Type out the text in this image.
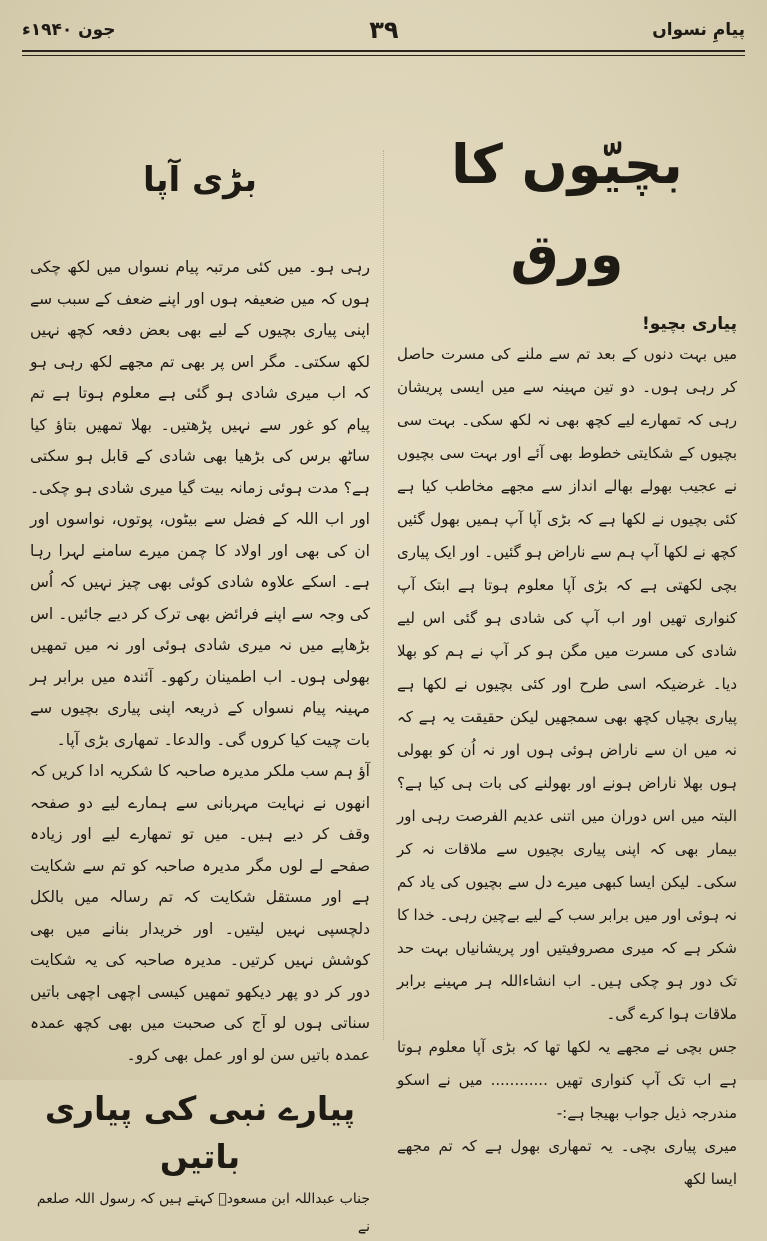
پیامِ نسواں
۳۹
جون ۱۹۴۰ء
بچیّوں کا ورق

پیاری بچیو!

میں بہت دنوں کے بعد تم سے ملنے کی مسرت حاصل کر رہی ہوں۔ دو تین مہینہ سے میں ایسی پریشان رہی کہ تمھارے لیے کچھ بھی نہ لکھ سکی۔ بہت سی بچیوں کے شکایتی خطوط بھی آئے اور بہت سی بچیوں نے عجیب بھولے بھالے انداز سے مجھے مخاطب کیا ہے کئی بچیوں نے لکھا ہے کہ بڑی آپا آپ ہمیں بھول گئیں کچھ نے لکھا آپ ہم سے ناراض ہو گئیں۔ اور ایک پیاری بچی لکھتی ہے کہ بڑی آپا معلوم ہوتا ہے ابتک آپ کنواری تھیں اور اب آپ کی شادی ہو گئی اس لیے شادی کی مسرت میں مگن ہو کر آپ نے ہم کو بھلا دیا۔ غرضیکہ اسی طرح اور کئی بچیوں نے لکھا ہے پیاری بچیاں کچھ بھی سمجھیں لیکن حقیقت یہ ہے کہ نہ میں ان سے ناراض ہوئی ہوں اور نہ اُن کو بھولی ہوں بھلا ناراض ہونے اور بھولنے کی بات ہی کیا ہے؟ البتہ میں اس دوران میں اتنی عدیم الفرصت رہی اور بیمار بھی کہ اپنی پیاری بچیوں سے ملاقات نہ کر سکی۔ لیکن ایسا کبھی میرے دل سے بچیوں کی یاد کم نہ ہوئی اور میں برابر سب کے لیے بےچین رہی۔ خدا کا شکر ہے کہ میری مصروفیتیں اور پریشانیاں بہت حد تک دور ہو چکی ہیں۔ اب انشاءاللہ ہر مہینے برابر ملاقات ہوا کرے گی۔

جس بچی نے مجھے یہ لکھا تھا کہ بڑی آپا معلوم ہوتا ہے اب تک آپ کنواری تھیں ............ میں نے اسکو مندرجہ ذیل جواب بھیجا ہے:-

میری پیاری بچی۔ یہ تمھاری بھول ہے کہ تم مجھے ایسا لکھ

بڑی آپا

رہی ہو۔ میں کئی مرتبہ پیام نسواں میں لکھ چکی ہوں کہ میں ضعیفہ ہوں اور اپنے ضعف کے سبب سے اپنی پیاری بچیوں کے لیے بھی بعض دفعہ کچھ نہیں لکھ سکتی۔ مگر اس پر بھی تم مجھے لکھ رہی ہو کہ اب میری شادی ہو گئی ہے معلوم ہوتا ہے تم پیام کو غور سے نہیں پڑھتیں۔ بھلا تمھیں بتاؤ کیا ساٹھ برس کی بڑھیا بھی شادی کے قابل ہو سکتی ہے؟ مدت ہوئی زمانہ بیت گیا میری شادی ہو چکی۔ اور اب اللہ کے فضل سے بیٹوں، پوتوں، نواسوں اور ان کی بھی اور اولاد کا چمن میرے سامنے لہرا رہا ہے۔ اسکے علاوہ شادی کوئی بھی چیز نہیں کہ اُس کی وجہ سے اپنے فرائض بھی ترک کر دیے جائیں۔ اس بڑھاپے میں نہ میری شادی ہوئی اور نہ میں تمھیں بھولی ہوں۔ اب اطمینان رکھو۔ آئندہ میں برابر ہر مہینہ پیام نسواں کے ذریعہ اپنی پیاری بچیوں سے بات چیت کیا کروں گی۔ والدعا۔ تمھاری بڑی آپا۔

آؤ ہم سب ملکر مدیرہ صاحبہ کا شکریہ ادا کریں کہ انھوں نے نہایت مہربانی سے ہمارے لیے دو صفحہ وقف کر دیے ہیں۔ میں تو تمھارے لیے اور زیادہ صفحے لے لوں مگر مدیرہ صاحبہ کو تم سے شکایت ہے اور مستقل شکایت کہ تم رسالہ میں بالکل دلچسپی نہیں لیتیں۔ اور خریدار بنانے میں بھی کوشش نہیں کرتیں۔ مدیرہ صاحبہ کی یہ شکایت دور کر دو پھر دیکھو تمھیں کیسی اچھی اچھی باتیں سناتی ہوں لو آج کی صحبت میں بھی کچھ عمدہ عمدہ باتیں سن لو اور عمل بھی کرو۔

پیارے نبی کی پیاری باتیں

جناب عبداللہ ابن مسعودؓ کہتے ہیں کہ رسول اللہ صلعم نے
